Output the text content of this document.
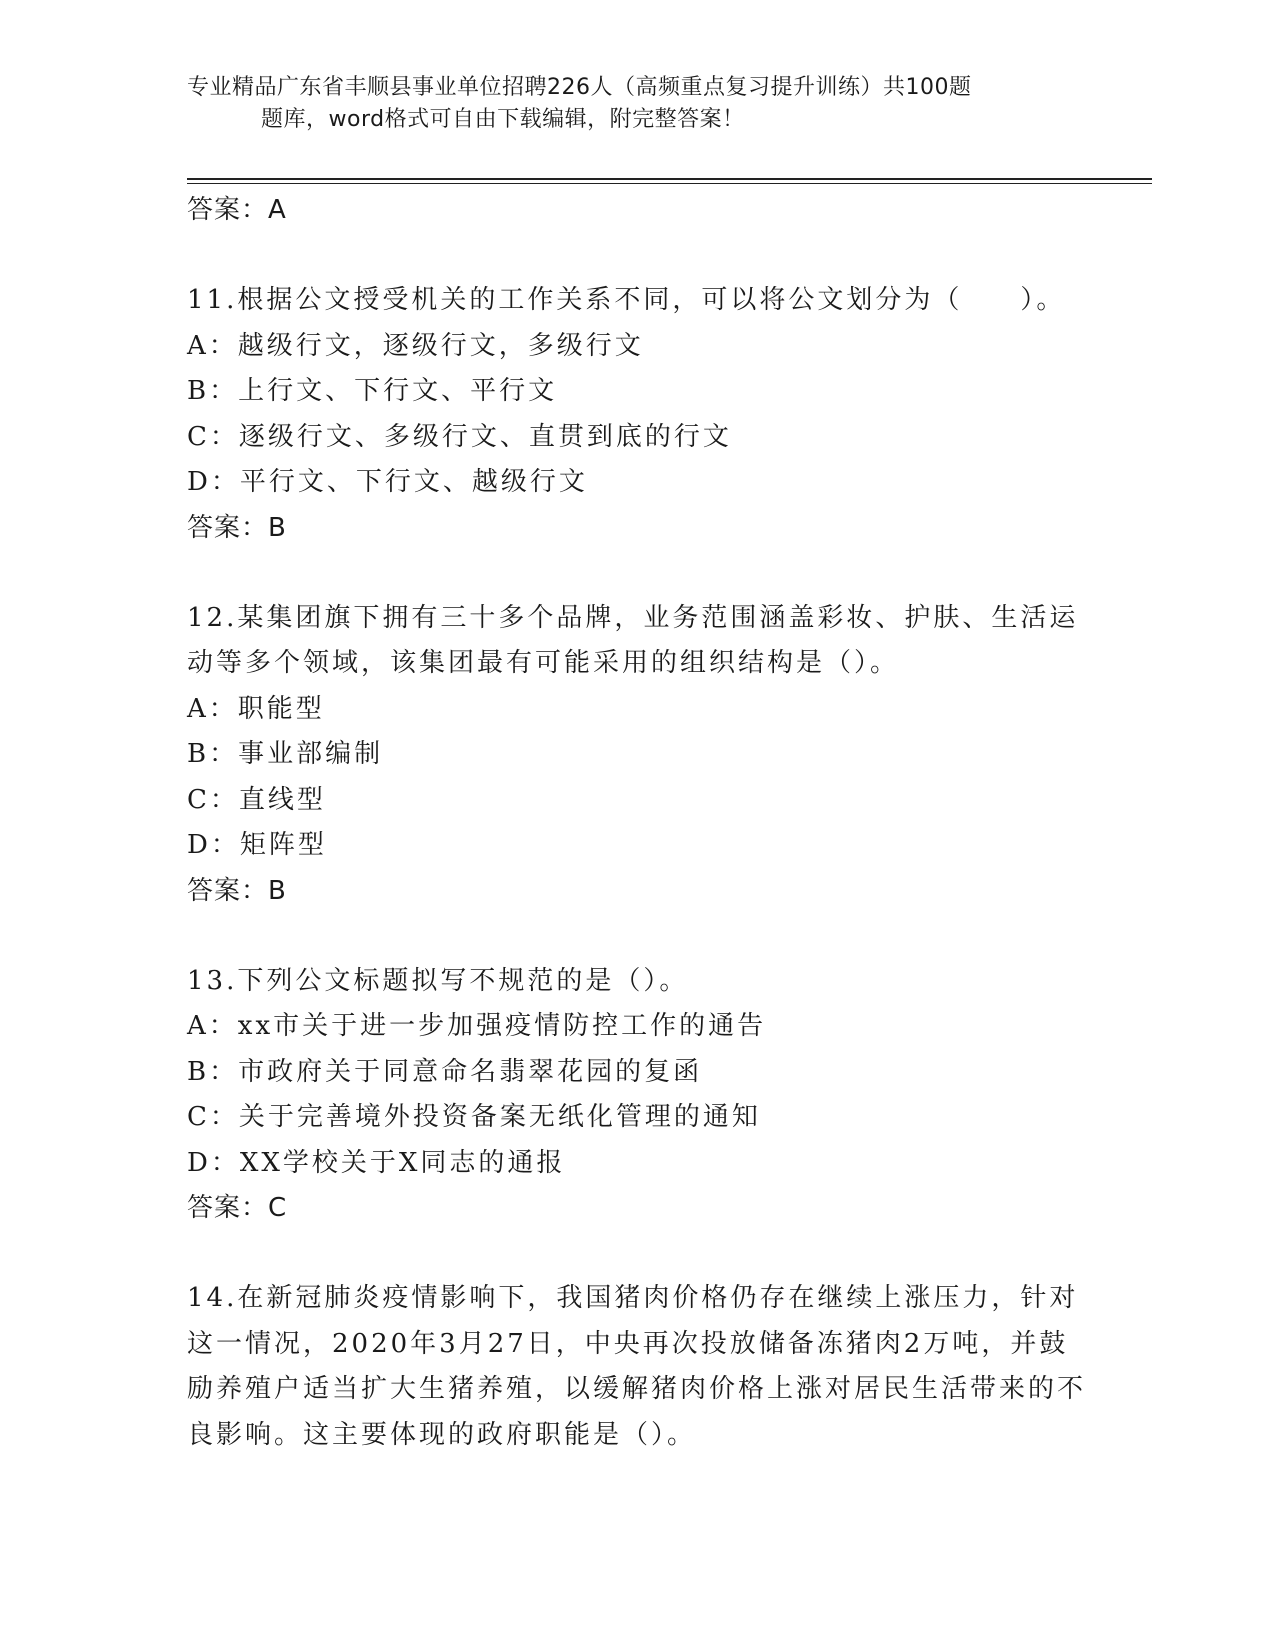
专业精品广东省丰顺县事业单位招聘226人（高频重点复习提升训练）共100题
题库，word格式可自由下载编辑，附完整答案！
答案：A
11.根据公文授受机关的工作关系不同，可以将公文划分为（　　）。
A：越级行文，逐级行文，多级行文
B：上行文、下行文、平行文
C：逐级行文、多级行文、直贯到底的行文
D：平行文、下行文、越级行文
答案：B
12.某集团旗下拥有三十多个品牌，业务范围涵盖彩妆、护肤、生活运动等多个领域，该集团最有可能采用的组织结构是（）。
A：职能型
B：事业部编制
C：直线型
D：矩阵型
答案：B
13.下列公文标题拟写不规范的是（）。
A：xx市关于进一步加强疫情防控工作的通告
B：市政府关于同意命名翡翠花园的复函
C：关于完善境外投资备案无纸化管理的通知
D：XX学校关于X同志的通报
答案：C
14.在新冠肺炎疫情影响下，我国猪肉价格仍存在继续上涨压力，针对这一情况，2020年3月27日，中央再次投放储备冻猪肉2万吨，并鼓励养殖户适当扩大生猪养殖，以缓解猪肉价格上涨对居民生活带来的不良影响。这主要体现的政府职能是（）。
